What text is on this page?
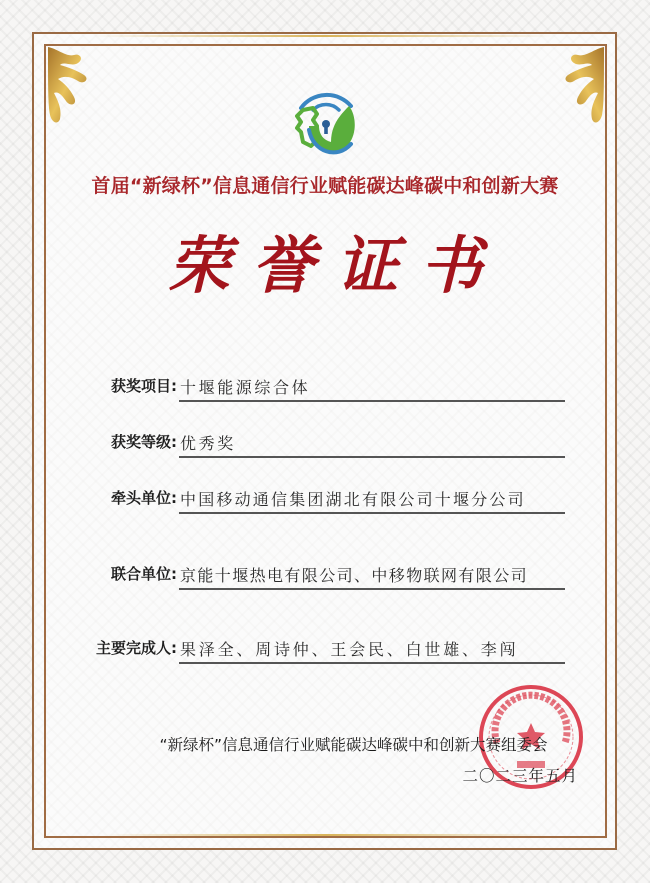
首届“新绿杯”信息通信行业赋能碳达峰碳中和创新大赛
荣誉证书
获奖项目: 十堰能源综合体
获奖等级: 优秀奖
牵头单位: 中国移动通信集团湖北有限公司十堰分公司
联合单位: 京能十堰热电有限公司、中移物联网有限公司
主要完成人: 果泽全、周诗仲、王会民、白世雄、李闯
“新绿杯”信息通信行业赋能碳达峰碳中和创新大赛组委会
二〇二三年五月
